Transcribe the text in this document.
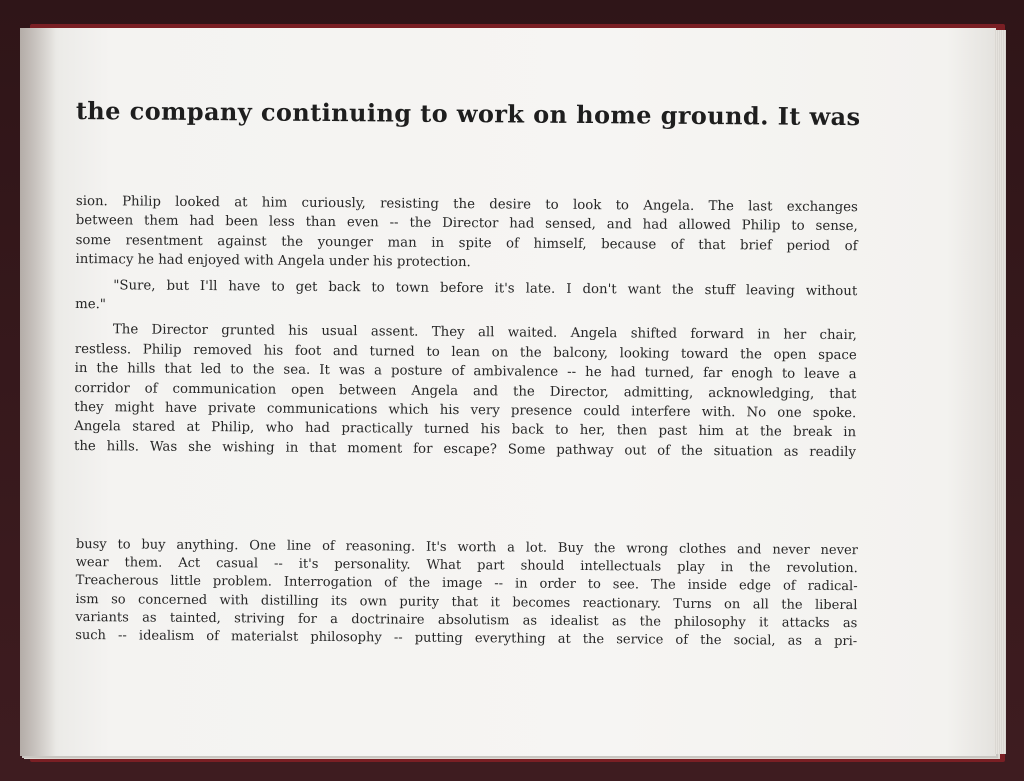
the company continuing to work on home ground. It was
sion. Philip looked at him curiously, resisting the desire to look to Angela. The last exchanges
between them had been less than even -- the Director had sensed, and had allowed Philip to sense,
some resentment against the younger man in spite of himself, because of that brief period of
intimacy he had enjoyed with Angela under his protection.
"Sure, but I'll have to get back to town before it's late. I don't want the stuff leaving without
me."
The Director grunted his usual assent. They all waited. Angela shifted forward in her chair,
restless. Philip removed his foot and turned to lean on the balcony, looking toward the open space
in the hills that led to the sea. It was a posture of ambivalence -- he had turned, far enogh to leave a
corridor of communication open between Angela and the Director, admitting, acknowledging, that
they might have private communications which his very presence could interfere with. No one spoke.
Angela stared at Philip, who had practically turned his back to her, then past him at the break in
the hills. Was she wishing in that moment for escape? Some pathway out of the situation as readily
busy to buy anything. One line of reasoning. It's worth a lot. Buy the wrong clothes and never never
wear them. Act casual -- it's personality. What part should intellectuals play in the revolution.
Treacherous little problem. Interrogation of the image -- in order to see. The inside edge of radical-
ism so concerned with distilling its own purity that it becomes reactionary. Turns on all the liberal
variants as tainted, striving for a doctrinaire absolutism as idealist as the philosophy it attacks as
such -- idealism of materialst philosophy -- putting everything at the service of the social, as a pri-
